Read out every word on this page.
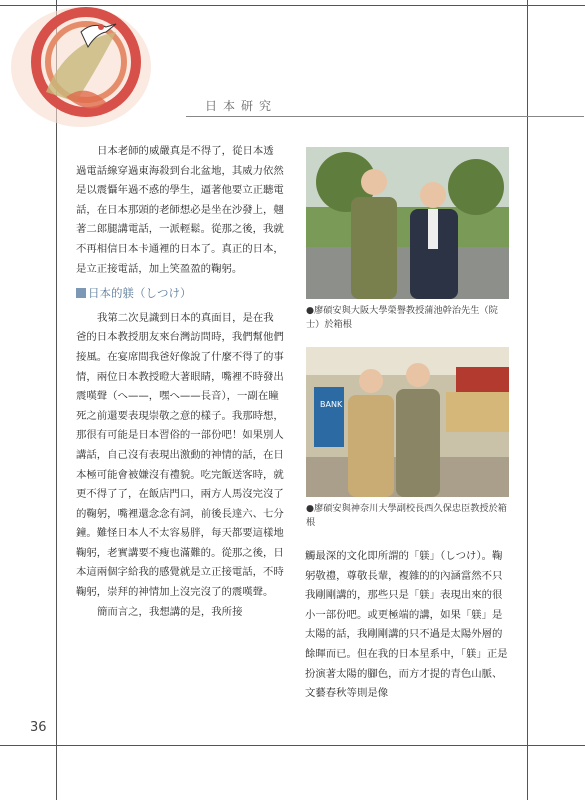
日本研究

日本老師的威嚴真是不得了，從日本透過電話線穿過東海殺到台北盆地，其威力依然是以震懾年過不惑的學生，逼著他要立正聽電話，在日本那頭的老師想必是坐在沙發上，翹著二郎腿講電話，一派輕鬆。從那之後，我就不再相信日本卡通裡的日本了。真正的日本，是立正接電話，加上笑盈盈的鞠躬。

日本的躾（しつけ）

我第二次見識到日本的真面目，是在我爸的日本教授朋友來台灣訪問時，我們幫他們接風。在宴席間我爸好像說了什麼不得了的事情，兩位日本教授瞪大著眼睛，嘴裡不時發出震嘆聲（へ——，嘿へ——長音），一副在瞳死之前還要表現崇敬之意的樣子。我那時想，那很有可能是日本習俗的一部份吧！如果別人講話，自己沒有表現出激動的神情的話，在日本極可能會被嫌沒有禮貌。吃完飯送客時，就更不得了了，在飯店門口，兩方人馬沒完沒了的鞠躬，嘴裡還念念有詞，前後長達六、七分鐘。難怪日本人不太容易胖，每天都要這樣地鞠躬，老實講要不瘦也滿難的。從那之後，日本這兩個字給我的感覺就是立正接電話，不時鞠躬，崇拜的神情加上沒完沒了的震嘆聲。

簡而言之，我想講的是，我所接

●廖碩安與大阪大學榮譽教授蒲池幹治先生（院士）於箱根
BANK
●廖碩安與神奈川大學副校長西久保忠臣教授於箱根

觸最深的文化即所謂的「躾」（しつけ）。鞠躬敬禮，尊敬長輩，複雜的的內涵當然不只我剛剛講的，那些只是「躾」表現出來的很小一部份吧。或更極端的講，如果「躾」是太陽的話，我剛剛講的只不過是太陽外層的餘暉而已。但在我的日本星系中，「躾」正是扮演著太陽的腳色，而方才提的青色山脈、文藝春秋等則是像

36
